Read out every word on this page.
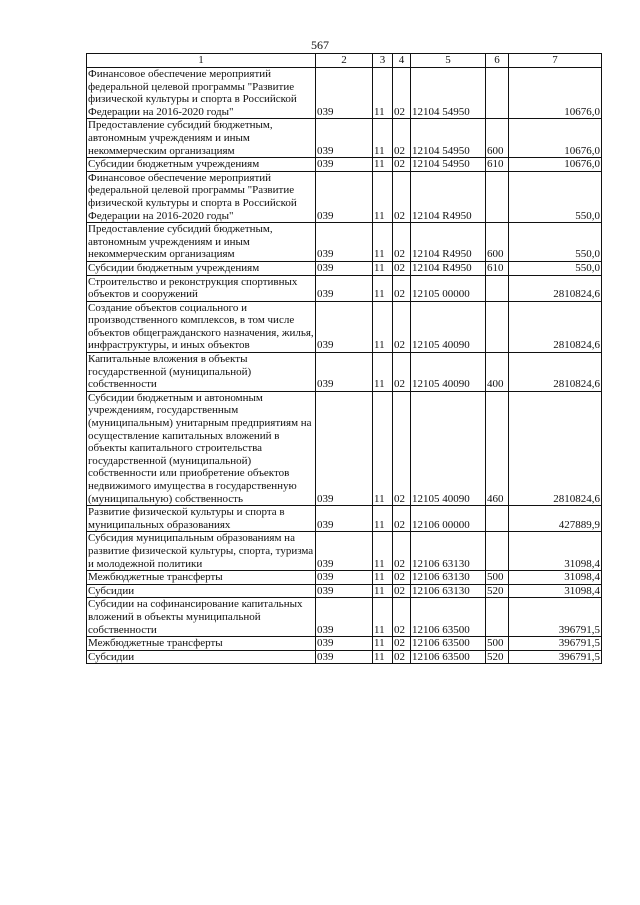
567
1	2	3	4	5	6	7
Финансовое обеспечение мероприятий федеральной целевой программы "Развитие физической культуры и спорта в Российской Федерации на 2016-2020 годы"	039	11	02	12104 54950		10676,0
Предоставление субсидий бюджетным, автономным учреждениям и иным некоммерческим организациям	039	11	02	12104 54950	600	10676,0
Субсидии бюджетным учреждениям	039	11	02	12104 54950	610	10676,0
Финансовое обеспечение мероприятий федеральной целевой программы "Развитие физической культуры и спорта в Российской Федерации на 2016-2020 годы"	039	11	02	12104 R4950		550,0
Предоставление субсидий бюджетным, автономным учреждениям и иным некоммерческим организациям	039	11	02	12104 R4950	600	550,0
Субсидии бюджетным учреждениям	039	11	02	12104 R4950	610	550,0
Строительство и реконструкция спортивных объектов и сооружений	039	11	02	12105 00000		2810824,6
Создание объектов социального и производственного комплексов, в том числе объектов общегражданского назначения, жилья, инфраструктуры, и иных объектов	039	11	02	12105 40090		2810824,6
Капитальные вложения в объекты государственной (муниципальной) собственности	039	11	02	12105 40090	400	2810824,6
Субсидии бюджетным и автономным учреждениям, государственным (муниципальным) унитарным предприятиям на осуществление капитальных вложений в объекты капитального строительства государственной (муниципальной) собственности или приобретение объектов недвижимого имущества в государственную (муниципальную) собственность	039	11	02	12105 40090	460	2810824,6
Развитие физической культуры и спорта в муниципальных образованиях	039	11	02	12106 00000		427889,9
Субсидия муниципальным образованиям на развитие физической культуры, спорта, туризма и молодежной политики	039	11	02	12106 63130		31098,4
Межбюджетные трансферты	039	11	02	12106 63130	500	31098,4
Субсидии	039	11	02	12106 63130	520	31098,4
Субсидии на софинансирование капитальных вложений в объекты муниципальной собственности	039	11	02	12106 63500		396791,5
Межбюджетные трансферты	039	11	02	12106 63500	500	396791,5
Субсидии	039	11	02	12106 63500	520	396791,5
